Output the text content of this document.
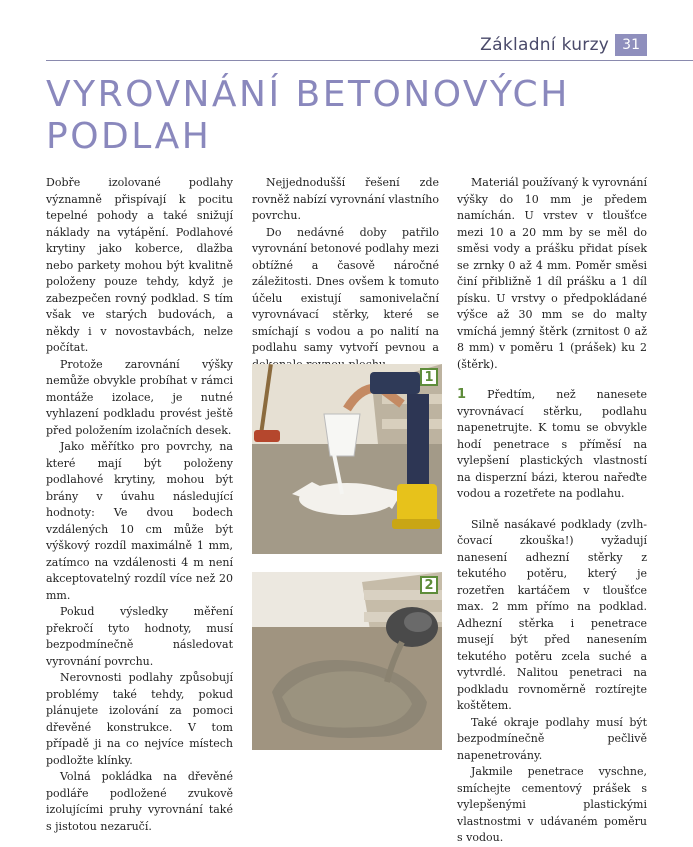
Základní kurzy 31
VYROVNÁNÍ BETONOVÝCH PODLAH

Dobře izolované podlahy významně přispívají k pocitu tepelné pohody a také snižují náklady na vytápění. Podlahové krytiny jako koberce, dlažba nebo parkety mohou být kvalitně položeny pouze tehdy, když je zabezpečen rovný podklad. S tím však ve starých budovách, a někdy i v novostavbách, nelze počítat.

Protože zarovnání výšky nemůže obvykle probíhat v rámci montáže izolace, je nutné vyhlazení podkladu provést ještě před položením izolačních desek.

Jako měřítko pro povrchy, na které mají být položeny podlahové krytiny, mohou být brány v úvahu následující hodnoty: Ve dvou bodech vzdálených 10 cm může být výškový rozdíl maximálně 1 mm, zatímco na vzdálenosti 4 m není akceptovatelný rozdíl více než 20 mm.

Pokud výsledky měření překročí tyto hodnoty, musí bezpodmínečně následovat vyrovnání povrchu.

Nerovnosti podlahy způsobují problémy také tehdy, pokud plánujete izolování za pomoci dřevěné konstrukce. V tom případě ji na co nejvíce místech podložte klínky.

Volná pokládka na dřevěné podláře podložené zvukově izolujícími pruhy vyrovnání také s jistotou nezaručí.

Nejjednodušší řešení zde rovněž nabízí vyrovnání vlastního povrchu.

Do nedávné doby patřilo vyrovnání betonové podlahy mezi obtížné a časově náročné záležitosti. Dnes ovšem k tomuto účelu existují samonivelační vyrovnávací stěrky, které se smíchají s vodou a po nalití na podlahu samy vytvoří pevnou a

1
2

Materiál používaný k vyrovnání výšky do 10 mm je předem namíchán. U vrstev v tloušťce mezi 10 a 20 mm by se měl do směsi vody a prášku přidat písek se zrnky 0 až 4 mm. Poměr směsi činí přibližně 1 díl prášku a 1 díl písku. U vrstvy o předpokládané výšce až 30 mm se do malty vmíchá jemný štěrk (zrnitost 0 až 8 mm) v poměru 1 (prášek) ku 2 (štěrk).

1 Předtím, než nanesete vyrovnávací stěrku, podlahu napenetrujte. K tomu se obvykle hodí penetrace s příměsí na vylepšení plastických vlastností na disperzní bázi, kterou nařeďte vodou a rozetřete na podlahu.

Silně nasákavé podklady (zvlhčovací zkouška!) vyžadují nanesení adhezní stěrky z tekutého potěru, který je rozetřen kartáčem v tloušťce max. 2 mm přímo na podklad. Adhezní stěrka i penetrace musejí být před nanesením tekutého potěru zcela suché a vytvrdlé. Nalitou penetraci na podkladu rovnoměrně roztírejte koštětem.

Také okraje podlahy musí být bezpodmínečně pečlivě napenetrovány.

Jakmile penetrace vyschne, smíchejte cementový prášek s vylepšenými plastickými vlastnostmi v udávaném poměru s vodou.
